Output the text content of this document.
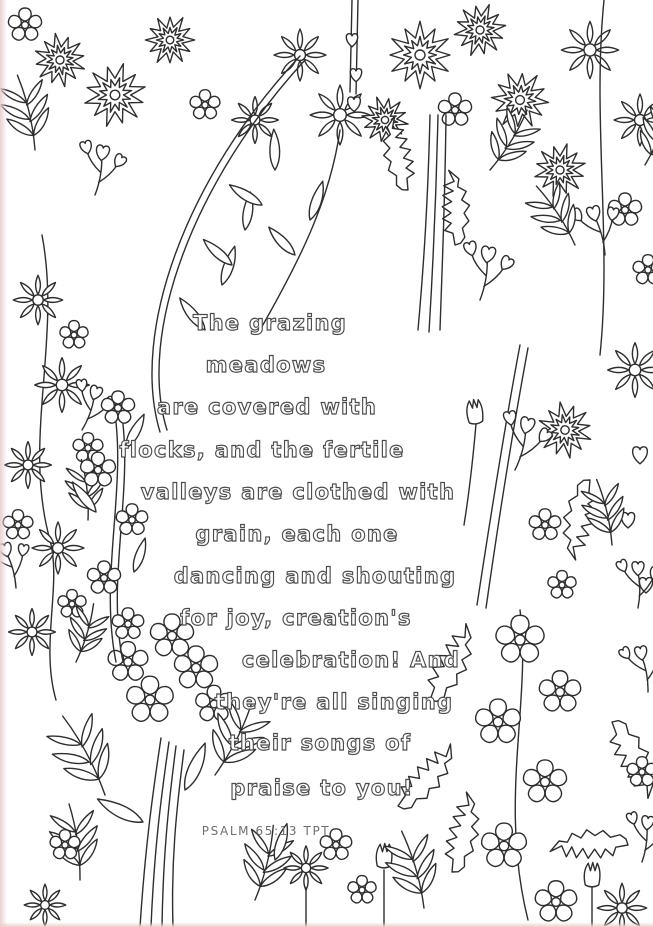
The grazing
meadows
are covered with
flocks, and the fertile
valleys are clothed with
grain, each one
dancing and shouting
for joy, creation's
celebration! And
they're all singing
their songs of
praise to you!
PSALM 65:13 TPT
